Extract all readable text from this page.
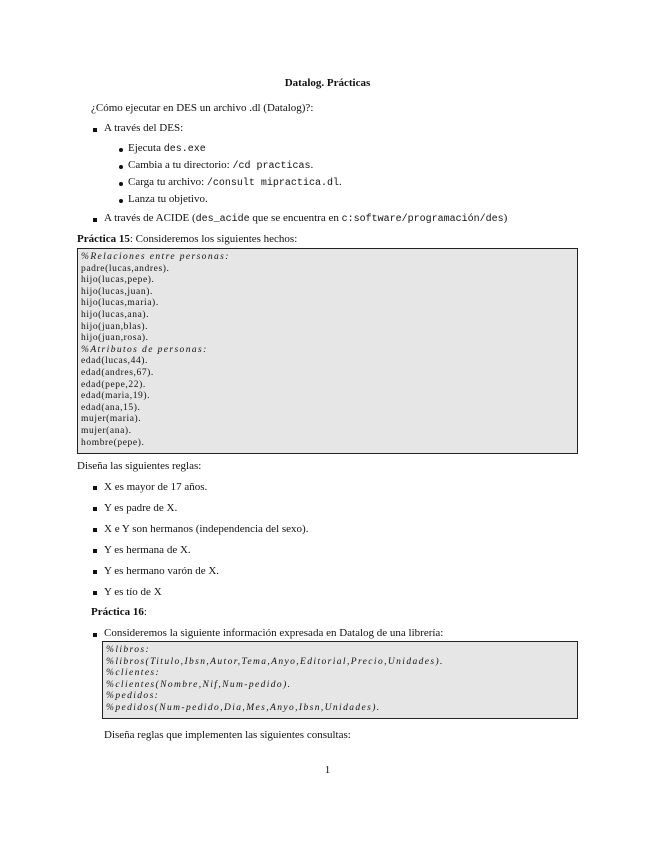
Datalog. Prácticas
¿Cómo ejecutar en DES un archivo .dl (Datalog)?:
A través del DES:
Ejecuta des.exe
Cambia a tu directorio: /cd practicas.
Carga tu archivo: /consult mipractica.dl.
Lanza tu objetivo.
A través de ACIDE (des_acide que se encuentra en c:software/programación/des)
Práctica 15: Consideremos los siguientes hechos:
%Relaciones entre personas:
padre(lucas,andres).
hijo(lucas,pepe).
hijo(lucas,juan).
hijo(lucas,maria).
hijo(lucas,ana).
hijo(juan,blas).
hijo(juan,rosa).
%Atributos de personas:
edad(lucas,44).
edad(andres,67).
edad(pepe,22).
edad(maria,19).
edad(ana,15).
mujer(maria).
mujer(ana).
hombre(pepe).
Diseña las siguientes reglas:
X es mayor de 17 años.
Y es padre de X.
X e Y son hermanos (independencia del sexo).
Y es hermana de X.
Y es hermano varón de X.
Y es tío de X
Práctica 16:
Consideremos la siguiente información expresada en Datalog de una librería:
%libros:
%libros(Titulo,Ibsn,Autor,Tema,Anyo,Editorial,Precio,Unidades).
%clientes:
%clientes(Nombre,Nif,Num-pedido).
%pedidos:
%pedidos(Num-pedido,Dia,Mes,Anyo,Ibsn,Unidades).
Diseña reglas que implementen las siguientes consultas:
1
